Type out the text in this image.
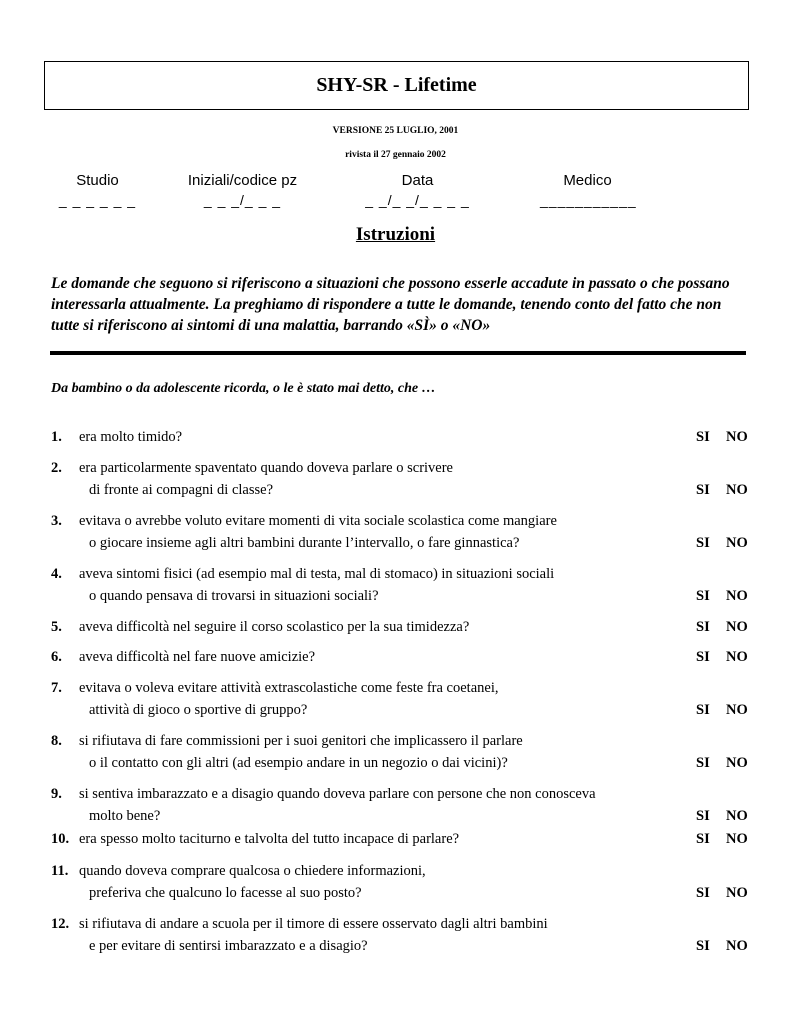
SHY-SR - Lifetime
VERSIONE 25 LUGLIO, 2001
rivista il 27 gennaio 2002
Studio
_ _ _ _ _ _
Iniziali/codice pz
_ _ _/_ _ _
Data
_ _/_ _/_ _ _ _
Medico
___________
Istruzioni
Le domande che seguono si riferiscono a situazioni che possono esserle accadute in passato o che possano interessarla attualmente. La preghiamo di rispondere a tutte le domande, tenendo conto del fatto che non tutte si riferiscono ai sintomi di una malattia, barrando «SÌ» o «NO»
Da bambino o da adolescente ricorda, o le è stato mai detto, che …
1. era molto timido?	SI NO
2. era particolarmente spaventato quando doveva parlare o scrivere
di fronte ai compagni di classe?	SI NO
3. evitava o avrebbe voluto evitare momenti di vita sociale scolastica come mangiare
o giocare insieme agli altri bambini durante l’intervallo, o fare ginnastica?	SI NO
4. aveva sintomi fisici (ad esempio mal di testa, mal di stomaco) in situazioni sociali
o quando pensava di trovarsi in situazioni sociali?	SI NO
5. aveva difficoltà nel seguire il corso scolastico per la sua timidezza?	SI NO
6. aveva difficoltà nel fare nuove amicizie?	SI NO
7. evitava o voleva evitare attività extrascolastiche come feste fra coetanei,
attività di gioco o sportive di gruppo?	SI NO
8. si rifiutava di fare commissioni per i suoi genitori che implicassero il parlare
o il contatto con gli altri (ad esempio andare in un negozio o dai vicini)?	SI NO
9. si sentiva imbarazzato e a disagio quando doveva parlare con persone che non conosceva
molto bene?	SI NO
10. era spesso molto taciturno e talvolta del tutto incapace di parlare?	SI NO
11. quando doveva comprare qualcosa o chiedere informazioni,
preferiva che qualcuno lo facesse al suo posto?	SI NO
12. si rifiutava di andare a scuola per il timore di essere osservato dagli altri bambini
e per evitare di sentirsi imbarazzato e a disagio?	SI NO
